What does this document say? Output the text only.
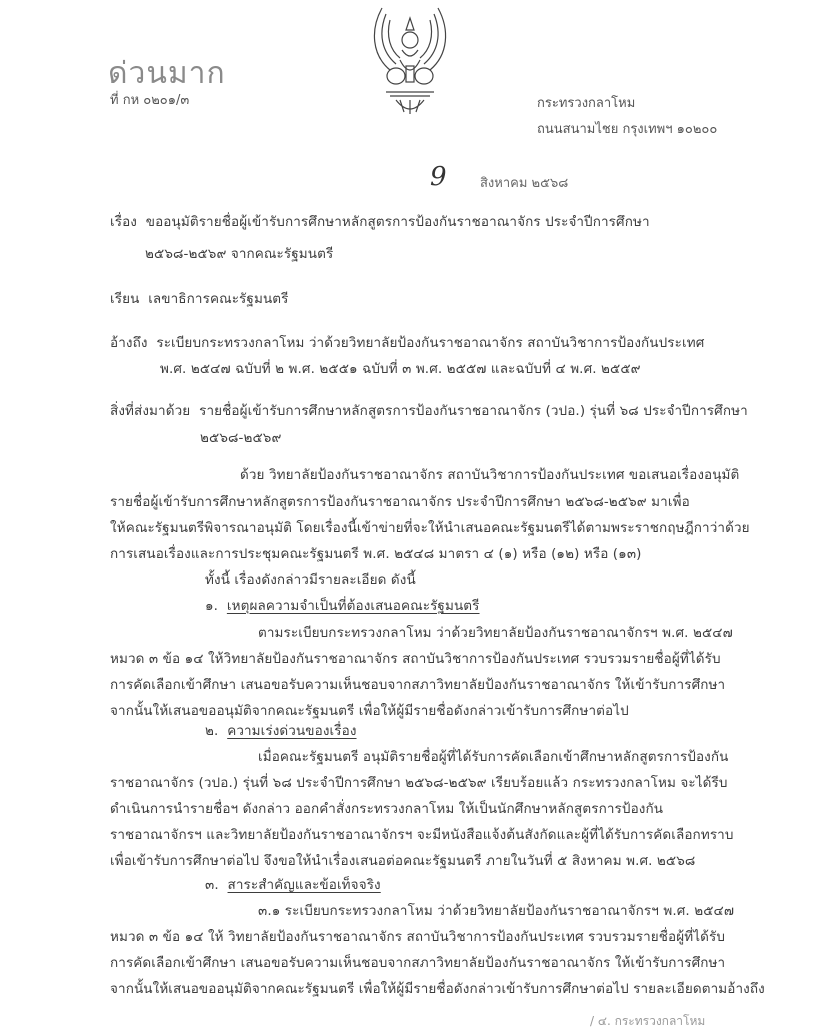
ด่วนมาก
ที่ กห ๐๒๐๑/๓	กระทรวงกลาโหม
ถนนสนามไชย กรุงเทพฯ ๑๐๒๐๐
9	สิงหาคม ๒๕๖๘
เรื่อง ขออนุมัติรายชื่อผู้เข้ารับการศึกษาหลักสูตรการป้องกันราชอาณาจักร ประจำปีการศึกษา
๒๕๖๘-๒๕๖๙ จากคณะรัฐมนตรี
เรียน เลขาธิการคณะรัฐมนตรี
อ้างถึง ระเบียบกระทรวงกลาโหม ว่าด้วยวิทยาลัยป้องกันราชอาณาจักร สถาบันวิชาการป้องกันประเทศ
พ.ศ. ๒๕๔๗ ฉบับที่ ๒ พ.ศ. ๒๕๕๑ ฉบับที่ ๓ พ.ศ. ๒๕๕๗ และฉบับที่ ๔ พ.ศ. ๒๕๕๙
สิ่งที่ส่งมาด้วย รายชื่อผู้เข้ารับการศึกษาหลักสูตรการป้องกันราชอาณาจักร (วปอ.) รุ่นที่ ๖๘ ประจำปีการศึกษา
๒๕๖๘-๒๕๖๙
ด้วย วิทยาลัยป้องกันราชอาณาจักร สถาบันวิชาการป้องกันประเทศ ขอเสนอเรื่องอนุมัติ
รายชื่อผู้เข้ารับการศึกษาหลักสูตรการป้องกันราชอาณาจักร ประจำปีการศึกษา ๒๕๖๘-๒๕๖๙ มาเพื่อ
ให้คณะรัฐมนตรีพิจารณาอนุมัติ โดยเรื่องนี้เข้าข่ายที่จะให้นำเสนอคณะรัฐมนตรีได้ตามพระราชกฤษฎีกาว่าด้วย
การเสนอเรื่องและการประชุมคณะรัฐมนตรี พ.ศ. ๒๕๔๘ มาตรา ๔ (๑) หรือ (๑๒) หรือ (๑๓)
ทั้งนี้ เรื่องดังกล่าวมีรายละเอียด ดังนี้
๑. เหตุผลความจำเป็นที่ต้องเสนอคณะรัฐมนตรี
ตามระเบียบกระทรวงกลาโหม ว่าด้วยวิทยาลัยป้องกันราชอาณาจักรฯ พ.ศ. ๒๕๔๗
หมวด ๓ ข้อ ๑๔ ให้วิทยาลัยป้องกันราชอาณาจักร สถาบันวิชาการป้องกันประเทศ รวบรวมรายชื่อผู้ที่ได้รับ
การคัดเลือกเข้าศึกษา เสนอขอรับความเห็นชอบจากสภาวิทยาลัยป้องกันราชอาณาจักร ให้เข้ารับการศึกษา
จากนั้นให้เสนอขออนุมัติจากคณะรัฐมนตรี เพื่อให้ผู้มีรายชื่อดังกล่าวเข้ารับการศึกษาต่อไป
๒. ความเร่งด่วนของเรื่อง
เมื่อคณะรัฐมนตรี อนุมัติรายชื่อผู้ที่ได้รับการคัดเลือกเข้าศึกษาหลักสูตรการป้องกัน
ราชอาณาจักร (วปอ.) รุ่นที่ ๖๘ ประจำปีการศึกษา ๒๕๖๘-๒๕๖๙ เรียบร้อยแล้ว กระทรวงกลาโหม จะได้รีบ
ดำเนินการนำรายชื่อฯ ดังกล่าว ออกคำสั่งกระทรวงกลาโหม ให้เป็นนักศึกษาหลักสูตรการป้องกัน
ราชอาณาจักรฯ และวิทยาลัยป้องกันราชอาณาจักรฯ จะมีหนังสือแจ้งต้นสังกัดและผู้ที่ได้รับการคัดเลือกทราบ
เพื่อเข้ารับการศึกษาต่อไป จึงขอให้นำเรื่องเสนอต่อคณะรัฐมนตรี ภายในวันที่ ๕ สิงหาคม พ.ศ. ๒๕๖๘
๓. สาระสำคัญและข้อเท็จจริง
๓.๑ ระเบียบกระทรวงกลาโหม ว่าด้วยวิทยาลัยป้องกันราชอาณาจักรฯ พ.ศ. ๒๕๔๗
หมวด ๓ ข้อ ๑๔ ให้ วิทยาลัยป้องกันราชอาณาจักร สถาบันวิชาการป้องกันประเทศ รวบรวมรายชื่อผู้ที่ได้รับ
การคัดเลือกเข้าศึกษา เสนอขอรับความเห็นชอบจากสภาวิทยาลัยป้องกันราชอาณาจักร ให้เข้ารับการศึกษา
จากนั้นให้เสนอขออนุมัติจากคณะรัฐมนตรี เพื่อให้ผู้มีรายชื่อดังกล่าวเข้ารับการศึกษาต่อไป รายละเอียดตามอ้างถึง
/ ๔. กระทรวงกลาโหม
